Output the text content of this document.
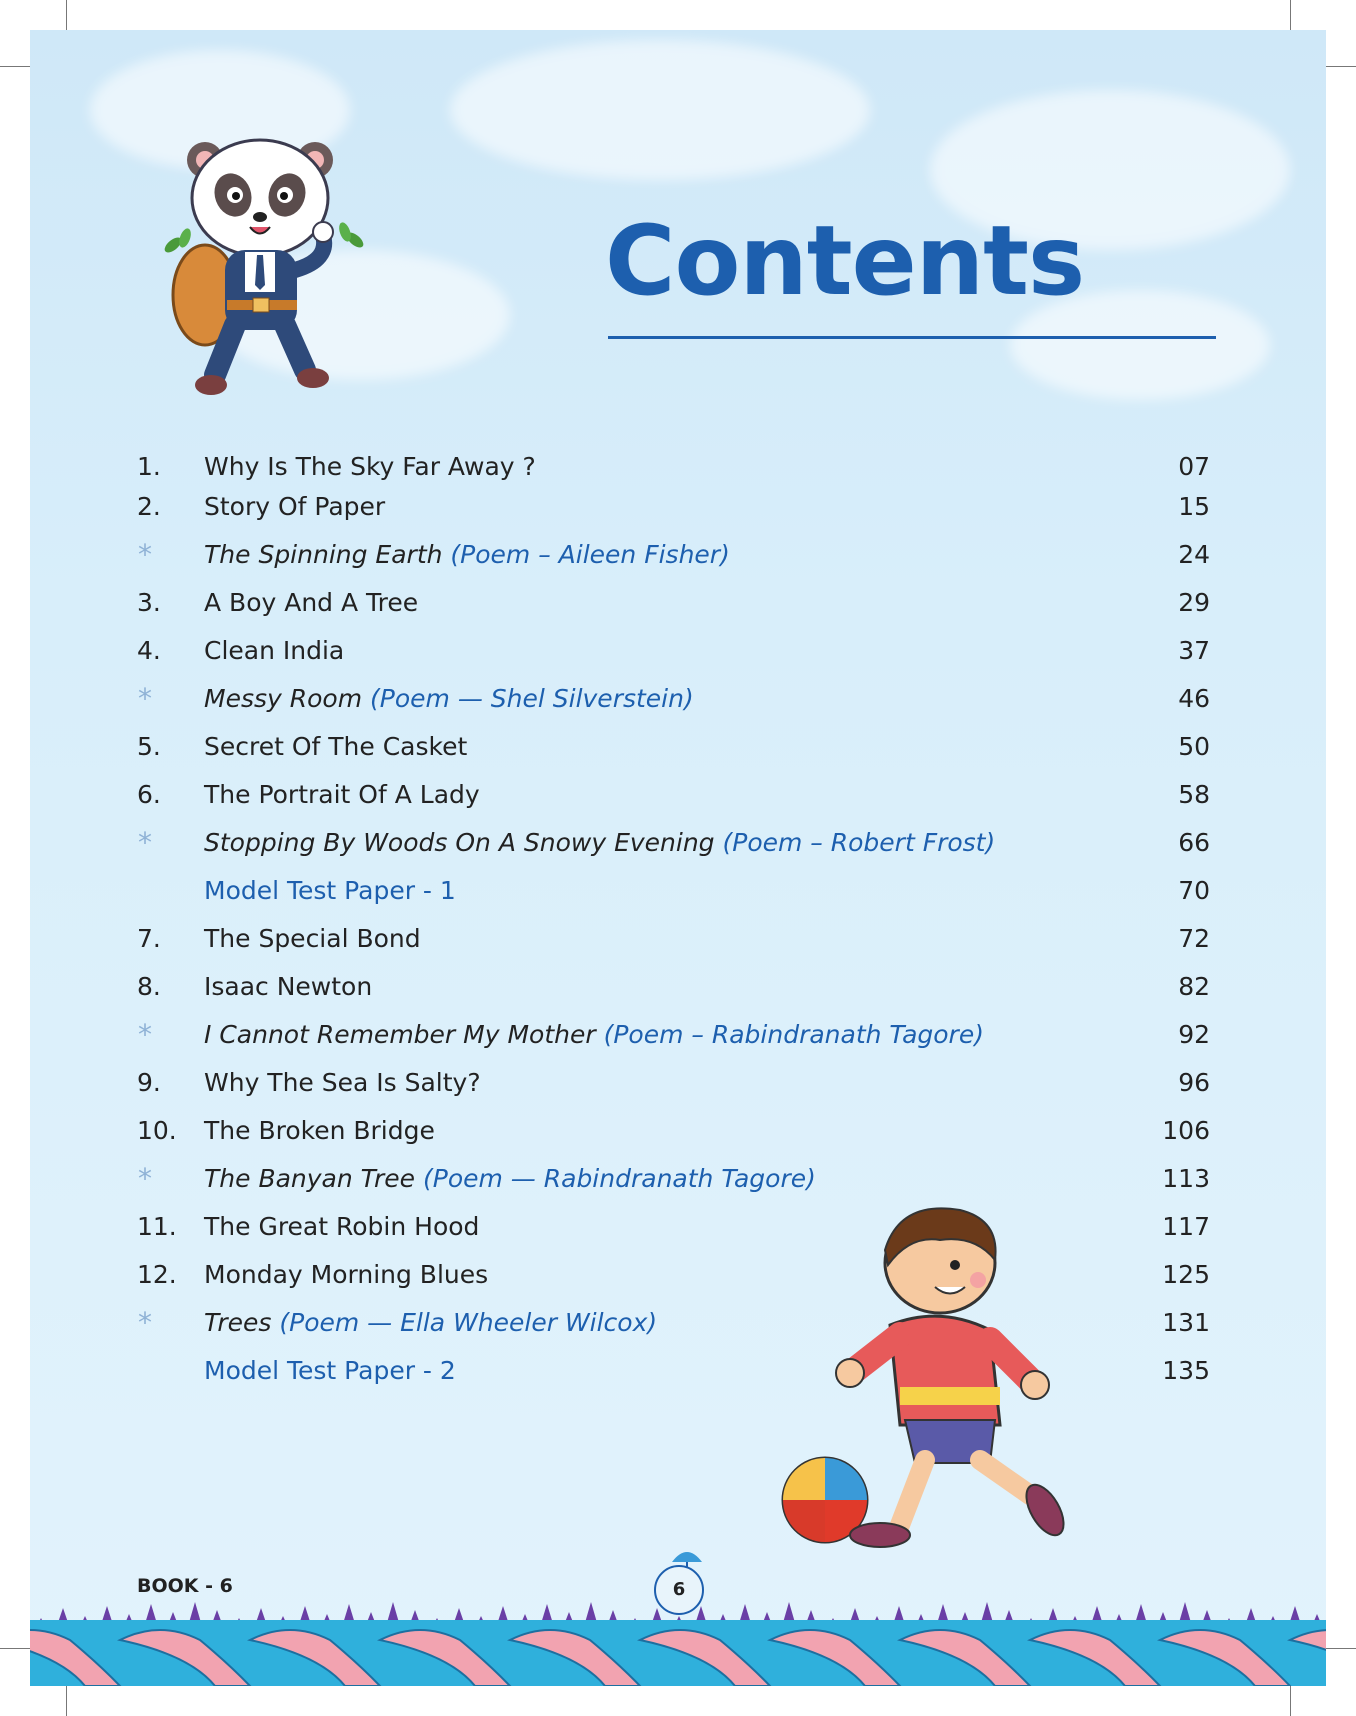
Contents
1. Why Is The Sky Far Away ?	07
2. Story Of Paper	15
* The Spinning Earth (Poem – Aileen Fisher)	24
3. A Boy And A Tree	29
4. Clean India	37
* Messy Room (Poem — Shel Silverstein)	46
5. Secret Of The Casket	50
6. The Portrait Of A Lady	58
* Stopping By Woods On A Snowy Evening (Poem – Robert Frost)	66
Model Test Paper - 1	70
7. The Special Bond	72
8. Isaac Newton	82
* I Cannot Remember My Mother (Poem – Rabindranath Tagore)	92
9. Why The Sea Is Salty?	96
10. The Broken Bridge	106
* The Banyan Tree (Poem — Rabindranath Tagore)	113
11. The Great Robin Hood	117
12. Monday Morning Blues	125
* Trees (Poem — Ella Wheeler Wilcox)	131
Model Test Paper - 2	135
BOOK - 6	6
